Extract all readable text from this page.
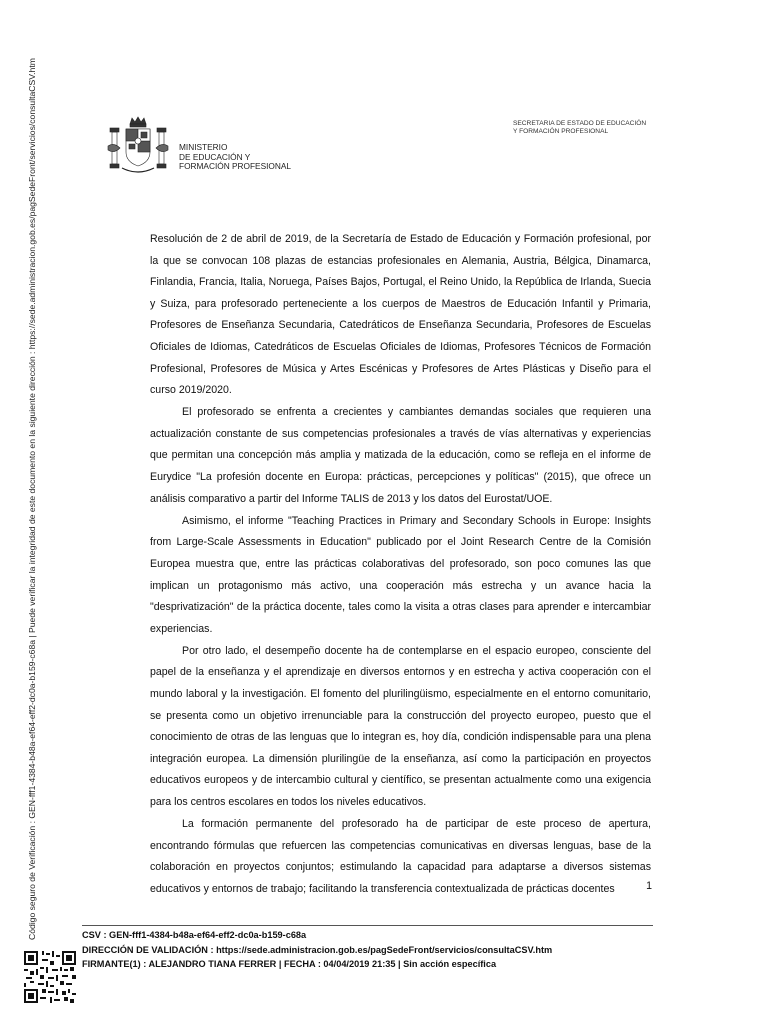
Código seguro de Verificación : GEN-fff1-4384-b48a-ef64-eff2-dc0a-b159-c68a | Puede verificar la integridad de este documento en la siguiente dirección : https://sede.administracion.gob.es/pagSedeFront/servicios/consultaCSV.htm	MINISTERIO
DE EDUCACIÓN Y
FORMACIÓN PROFESIONAL
SECRETARIA DE ESTADO DE EDUCACIÓN
Y FORMACIÓN PROFESIONAL

Resolución de 2 de abril de 2019, de la Secretaría de Estado de Educación y Formación profesional, por la que se convocan 108 plazas de estancias profesionales en Alemania, Austria, Bélgica, Dinamarca, Finlandia, Francia, Italia, Noruega, Países Bajos, Portugal, el Reino Unido, la República de Irlanda, Suecia y Suiza, para profesorado perteneciente a los cuerpos de Maestros de Educación Infantil y Primaria, Profesores de Enseñanza Secundaria, Catedráticos de Enseñanza Secundaria, Profesores de Escuelas Oficiales de Idiomas, Catedráticos de Escuelas Oficiales de Idiomas, Profesores Técnicos de Formación Profesional, Profesores de Música y Artes Escénicas y Profesores de Artes Plásticas y Diseño para el curso 2019/2020.

El profesorado se enfrenta a crecientes y cambiantes demandas sociales que requieren una actualización constante de sus competencias profesionales a través de vías alternativas y experiencias que permitan una concepción más amplia y matizada de la educación, como se refleja en el informe de Eurydice "La profesión docente en Europa: prácticas, percepciones y políticas" (2015), que ofrece un análisis comparativo a partir del Informe TALIS de 2013 y los datos del Eurostat/UOE.

Asimismo, el informe "Teaching Practices in Primary and Secondary Schools in Europe: Insights from Large-Scale Assessments in Education" publicado por el Joint Research Centre de la Comisión Europea muestra que, entre las prácticas colaborativas del profesorado, son poco comunes las que implican un protagonismo más activo, una cooperación más estrecha y un avance hacia la "desprivatización" de la práctica docente, tales como la visita a otras clases para aprender e intercambiar experiencias.

Por otro lado, el desempeño docente ha de contemplarse en el espacio europeo, consciente del papel de la enseñanza y el aprendizaje en diversos entornos y en estrecha y activa cooperación con el mundo laboral y la investigación. El fomento del plurilingüismo, especialmente en el entorno comunitario, se presenta como un objetivo irrenunciable para la construcción del proyecto europeo, puesto que el conocimiento de otras de las lenguas que lo integran es, hoy día, condición indispensable para una plena integración europea. La dimensión plurilingüe de la enseñanza, así como la participación en proyectos educativos europeos y de intercambio cultural y científico, se presentan actualmente como una exigencia para los centros escolares en todos los niveles educativos.

La formación permanente del profesorado ha de participar de este proceso de apertura, encontrando fórmulas que refuercen las competencias comunicativas en diversas lenguas, base de la colaboración en proyectos conjuntos; estimulando la capacidad para adaptarse a diversos sistemas educativos y entornos de trabajo; facilitando la transferencia contextualizada de prácticas docentes	1
CSV : GEN-fff1-4384-b48a-ef64-eff2-dc0a-b159-c68a
DIRECCIÓN DE VALIDACIÓN : https://sede.administracion.gob.es/pagSedeFront/servicios/consultaCSV.htm
FIRMANTE(1) : ALEJANDRO TIANA FERRER | FECHA : 04/04/2019 21:35 | Sin acción específica
